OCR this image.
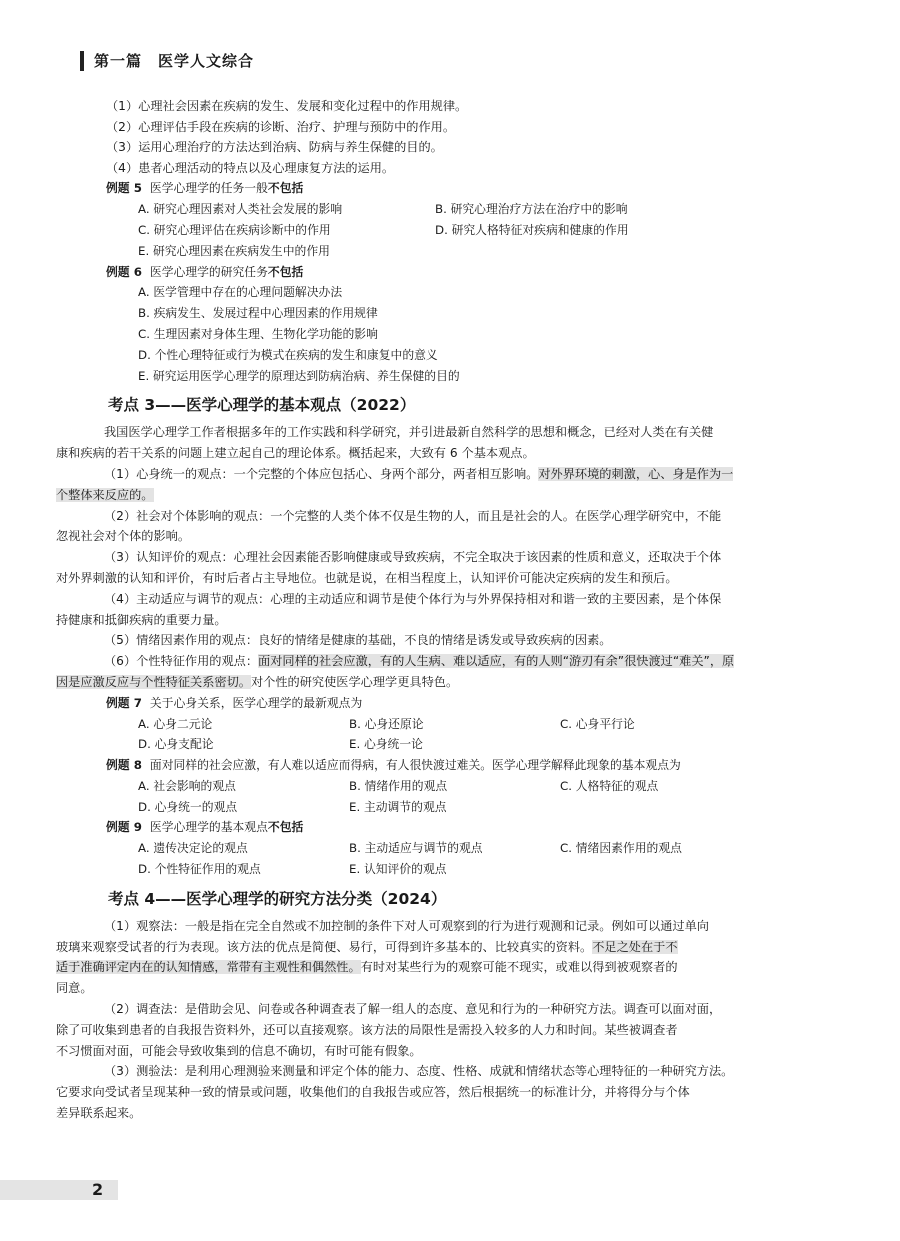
第一篇　医学人文综合
（1）心理社会因素在疾病的发生、发展和变化过程中的作用规律。
（2）心理评估手段在疾病的诊断、治疗、护理与预防中的作用。
（3）运用心理治疗的方法达到治病、防病与养生保健的目的。
（4）患者心理活动的特点以及心理康复方法的运用。
例题 5 医学心理学的任务一般不包括
A. 研究心理因素对人类社会发展的影响	B. 研究心理治疗方法在治疗中的影响
C. 研究心理评估在疾病诊断中的作用	D. 研究人格特征对疾病和健康的作用
E. 研究心理因素在疾病发生中的作用
例题 6 医学心理学的研究任务不包括
A. 医学管理中存在的心理问题解决办法
B. 疾病发生、发展过程中心理因素的作用规律
C. 生理因素对身体生理、生物化学功能的影响
D. 个性心理特征或行为模式在疾病的发生和康复中的意义
E. 研究运用医学心理学的原理达到防病治病、养生保健的目的
考点 3——医学心理学的基本观点（2022）
我国医学心理学工作者根据多年的工作实践和科学研究，并引进最新自然科学的思想和概念，已经对人类在有关健
康和疾病的若干关系的问题上建立起自己的理论体系。概括起来，大致有 6 个基本观点。
（1）心身统一的观点：一个完整的个体应包括心、身两个部分，两者相互影响。对外界环境的刺激，心、身是作为一
个整体来反应的。
（2）社会对个体影响的观点：一个完整的人类个体不仅是生物的人，而且是社会的人。在医学心理学研究中，不能
忽视社会对个体的影响。
（3）认知评价的观点：心理社会因素能否影响健康或导致疾病，不完全取决于该因素的性质和意义，还取决于个体
对外界刺激的认知和评价，有时后者占主导地位。也就是说，在相当程度上，认知评价可能决定疾病的发生和预后。
（4）主动适应与调节的观点：心理的主动适应和调节是使个体行为与外界保持相对和谐一致的主要因素，是个体保
持健康和抵御疾病的重要力量。
（5）情绪因素作用的观点：良好的情绪是健康的基础，不良的情绪是诱发或导致疾病的因素。
（6）个性特征作用的观点：面对同样的社会应激，有的人生病、难以适应，有的人则“游刃有余”很快渡过“难关”，原
因是应激反应与个性特征关系密切。对个性的研究使医学心理学更具特色。
例题 7 关于心身关系，医学心理学的最新观点为
A. 心身二元论	B. 心身还原论	C. 心身平行论
D. 心身支配论	E. 心身统一论
例题 8 面对同样的社会应激，有人难以适应而得病，有人很快渡过难关。医学心理学解释此现象的基本观点为
A. 社会影响的观点	B. 情绪作用的观点	C. 人格特征的观点
D. 心身统一的观点	E. 主动调节的观点
例题 9 医学心理学的基本观点不包括
A. 遗传决定论的观点	B. 主动适应与调节的观点	C. 情绪因素作用的观点
D. 个性特征作用的观点	E. 认知评价的观点
考点 4——医学心理学的研究方法分类（2024）
（1）观察法：一般是指在完全自然或不加控制的条件下对人可观察到的行为进行观测和记录。例如可以通过单向
玻璃来观察受试者的行为表现。该方法的优点是简便、易行，可得到许多基本的、比较真实的资料。不足之处在于不
适于准确评定内在的认知情感，常带有主观性和偶然性。有时对某些行为的观察可能不现实，或难以得到被观察者的
同意。
（2）调查法：是借助会见、问卷或各种调查表了解一组人的态度、意见和行为的一种研究方法。调查可以面对面，
除了可收集到患者的自我报告资料外，还可以直接观察。该方法的局限性是需投入较多的人力和时间。某些被调查者
不习惯面对面，可能会导致收集到的信息不确切，有时可能有假象。
（3）测验法：是利用心理测验来测量和评定个体的能力、态度、性格、成就和情绪状态等心理特征的一种研究方法。
它要求向受试者呈现某种一致的情景或问题，收集他们的自我报告或应答，然后根据统一的标准计分，并将得分与个体
差异联系起来。
2
